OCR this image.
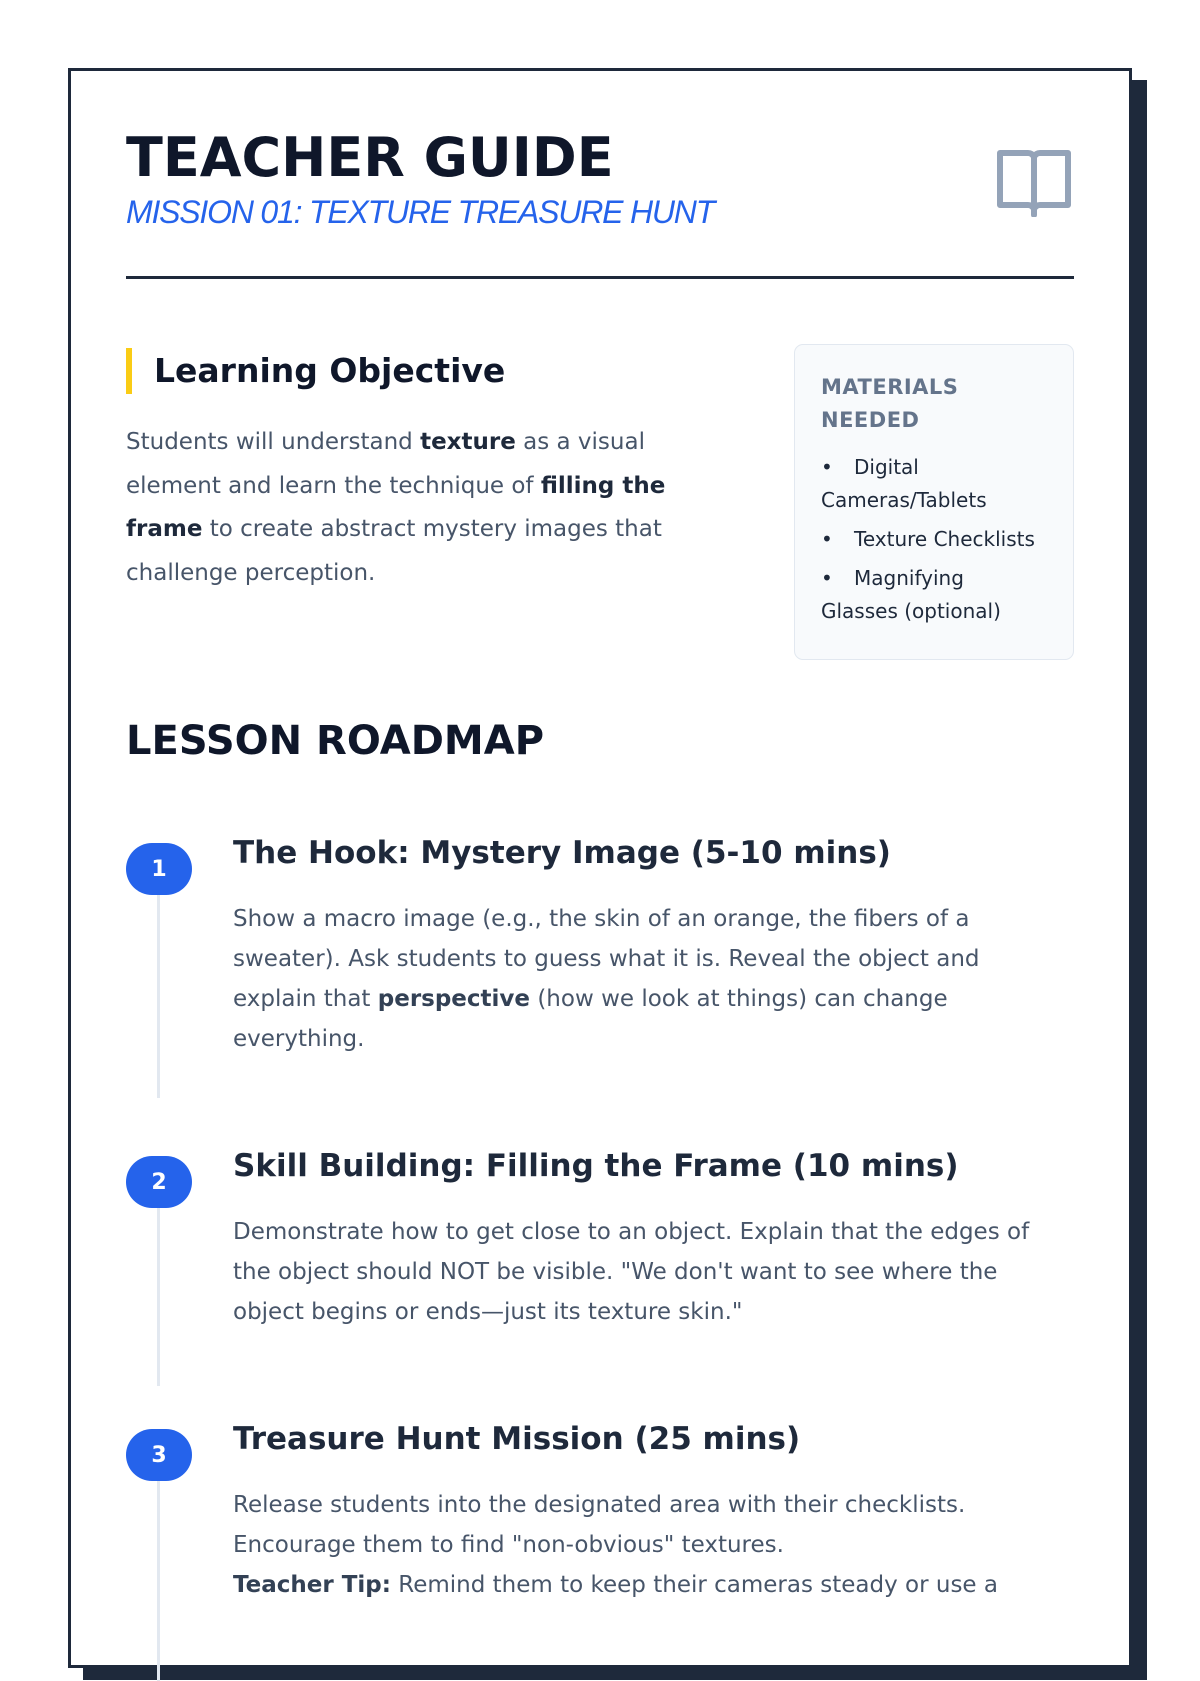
TEACHER GUIDE
MISSION 01: TEXTURE TREASURE HUNT
Learning Objective

Students will understand texture as a visual element and learn the technique of filling the frame to create abstract mystery images that challenge perception.

MATERIALS NEEDED
• Digital Cameras/Tablets
• Texture Checklists
• Magnifying Glasses (optional)
LESSON ROADMAP
1	The Hook: Mystery Image (5-10 mins)

Show a macro image (e.g., the skin of an orange, the fibers of a sweater). Ask students to guess what it is. Reveal the object and explain that perspective (how we look at things) can change everything.

2	Skill Building: Filling the Frame (10 mins)

Demonstrate how to get close to an object. Explain that the edges of the object should NOT be visible. "We don't want to see where the object begins or ends—just its texture skin."

3	Treasure Hunt Mission (25 mins)

Release students into the designated area with their checklists. Encourage them to find "non-obvious" textures.
Teacher Tip: Remind them to keep their cameras steady or use a
